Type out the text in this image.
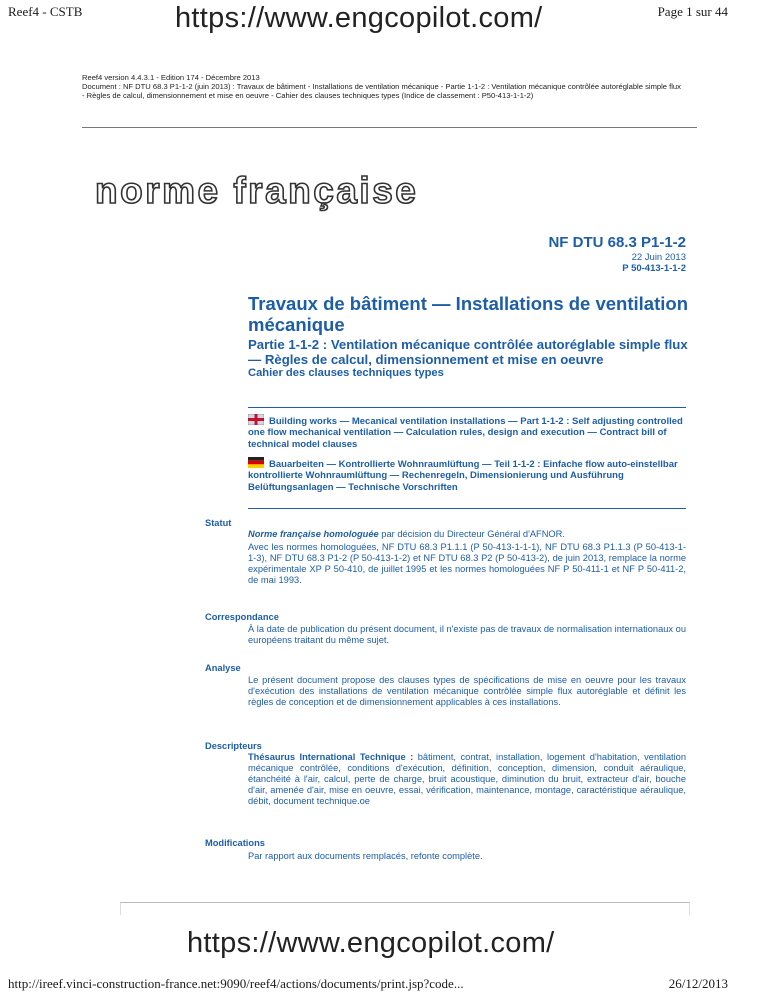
Reef4 - CSTB	Page 1 sur 44
https://www.engcopilot.com/
Reef4 version 4.4.3.1 - Edition 174 - Décembre 2013
Document : NF DTU 68.3 P1-1-2 (juin 2013) : Travaux de bâtiment - Installations de ventilation mécanique - Partie 1-1-2 : Ventilation mécanique contrôlée autoréglable simple flux - Règles de calcul, dimensionnement et mise en oeuvre - Cahier des clauses techniques types (Indice de classement : P50-413-1-1-2)
norme française
NF DTU 68.3 P1-1-2
22 Juin 2013
P 50-413-1-1-2
Travaux de bâtiment — Installations de ventilation mécanique
Partie 1-1-2 : Ventilation mécanique contrôlée autoréglable simple flux — Règles de calcul, dimensionnement et mise en oeuvre
Cahier des clauses techniques types
Building works — Mecanical ventilation installations — Part 1-1-2 : Self adjusting controlled one flow mechanical ventilation — Calculation rules, design and execution — Contract bill of technical model clauses
Bauarbeiten — Kontrollierte Wohnraumlüftung — Teil 1-1-2 : Einfache flow auto-einstellbar kontrollierte Wohnraumlüftung — Rechenregeln, Dimensionierung und Ausführung Belüftungsanlagen — Technische Vorschriften
Statut

Norme française homologuée par décision du Directeur Général d'AFNOR.

Avec les normes homologuées, NF DTU 68.3 P1.1.1 (P 50-413-1-1-1), NF DTU 68.3 P1.1.3 (P 50-413-1-1-3), NF DTU 68.3 P1-2 (P 50-413-1-2) et NF DTU 68.3 P2 (P 50-413-2), de juin 2013, remplace la norme expérimentale XP P 50-410, de juillet 1995 et les normes homologuées NF P 50-411-1 et NF P 50-411-2, de mai 1993.

Correspondance
À la date de publication du présent document, il n'existe pas de travaux de normalisation internationaux ou européens traitant du même sujet.
Analyse
Le présent document propose des clauses types de spécifications de mise en oeuvre pour les travaux d'exécution des installations de ventilation mécanique contrôlée simple flux autoréglable et définit les règles de conception et de dimensionnement applicables à ces installations.
Descripteurs
Thésaurus International Technique : bâtiment, contrat, installation, logement d'habitation, ventilation mécanique contrôlée, conditions d'exécution, définition, conception, dimension, conduit aéraulique, étanchéité à l'air, calcul, perte de charge, bruit acoustique, diminution du bruit, extracteur d'air, bouche d'air, amenée d'air, mise en oeuvre, essai, vérification, maintenance, montage, caractéristique aéraulique, débit, document technique.oe
Modifications
Par rapport aux documents remplacés, refonte complète.
https://www.engcopilot.com/
http://ireef.vinci-construction-france.net:9090/reef4/actions/documents/print.jsp?code...	26/12/2013
